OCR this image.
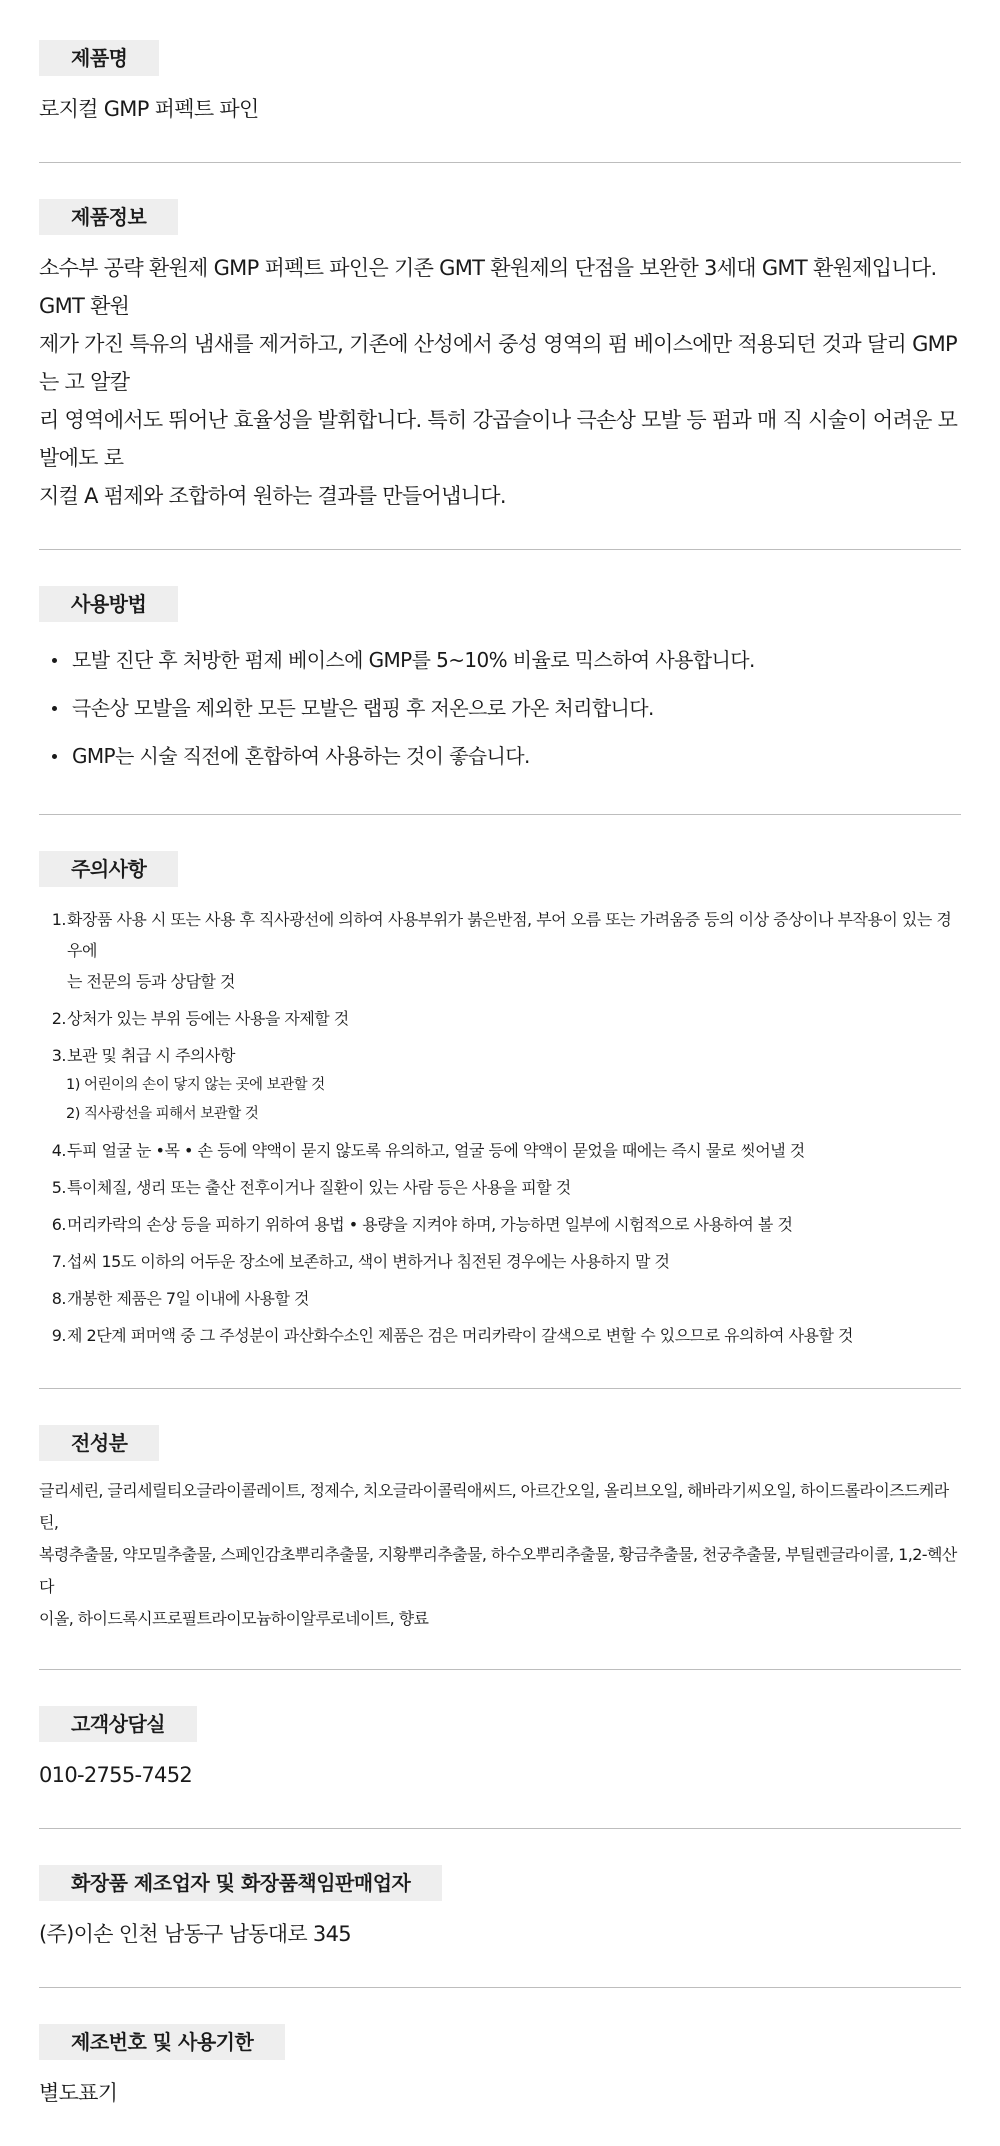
제품명
로지컬 GMP 퍼펙트 파인
제품정보
소수부 공략 환원제 GMP 퍼펙트 파인은 기존 GMT 환원제의 단점을 보완한 3세대 GMT 환원제입니다. GMT 환원
제가 가진 특유의 냄새를 제거하고, 기존에 산성에서 중성 영역의 펌 베이스에만 적용되던 것과 달리 GMP는 고 알칼
리 영역에서도 뛰어난 효율성을 발휘합니다. 특히 강곱슬이나 극손상 모발 등 펌과 매 직 시술이 어려운 모발에도 로
지컬 A 펌제와 조합하여 원하는 결과를 만들어냅니다.
사용방법
모발 진단 후 처방한 펌제 베이스에 GMP를 5~10% 비율로 믹스하여 사용합니다.
극손상 모발을 제외한 모든 모발은 랩핑 후 저온으로 가온 처리합니다.
GMP는 시술 직전에 혼합하여 사용하는 것이 좋습니다.
주의사항
1. 화장품 사용 시 또는 사용 후 직사광선에 의하여 사용부위가 붉은반점, 부어 오름 또는 가려움증 등의 이상 증상이나 부작용이 있는 경우에
는 전문의 등과 상담할 것
2. 상처가 있는 부위 등에는 사용을 자제할 것
3. 보관 및 취급 시 주의사항
1) 어린이의 손이 닿지 않는 곳에 보관할 것
2) 직사광선을 피해서 보관할 것
4. 두피 얼굴 눈 •목 • 손 등에 약액이 묻지 않도록 유의하고, 얼굴 등에 약액이 묻었을 때에는 즉시 물로 씻어낼 것
5. 특이체질, 생리 또는 출산 전후이거나 질환이 있는 사람 등은 사용을 피할 것
6. 머리카락의 손상 등을 피하기 위하여 용법 • 용량을 지켜야 하며, 가능하면 일부에 시험적으로 사용하여 볼 것
7. 섭씨 15도 이하의 어두운 장소에 보존하고, 색이 변하거나 침전된 경우에는 사용하지 말 것
8. 개봉한 제품은 7일 이내에 사용할 것
9. 제 2단계 퍼머액 중 그 주성분이 과산화수소인 제품은 검은 머리카락이 갈색으로 변할 수 있으므로 유의하여 사용할 것
전성분
글리세린, 글리세릴티오글라이콜레이트, 정제수, 치오글라이콜릭애씨드, 아르간오일, 올리브오일, 해바라기씨오일, 하이드롤라이즈드케라틴,
복령추출물, 약모밀추출물, 스페인감초뿌리추출물, 지황뿌리추출물, 하수오뿌리추출물, 황금추출물, 천궁추출물, 부틸렌글라이콜, 1,2-헥산다
이올, 하이드록시프로필트라이모늄하이알루로네이트, 향료
고객상담실
010-2755-7452
화장품 제조업자 및 화장품책임판매업자
(주)이손 인천 남동구 남동대로 345
제조번호 및 사용기한
별도표기
